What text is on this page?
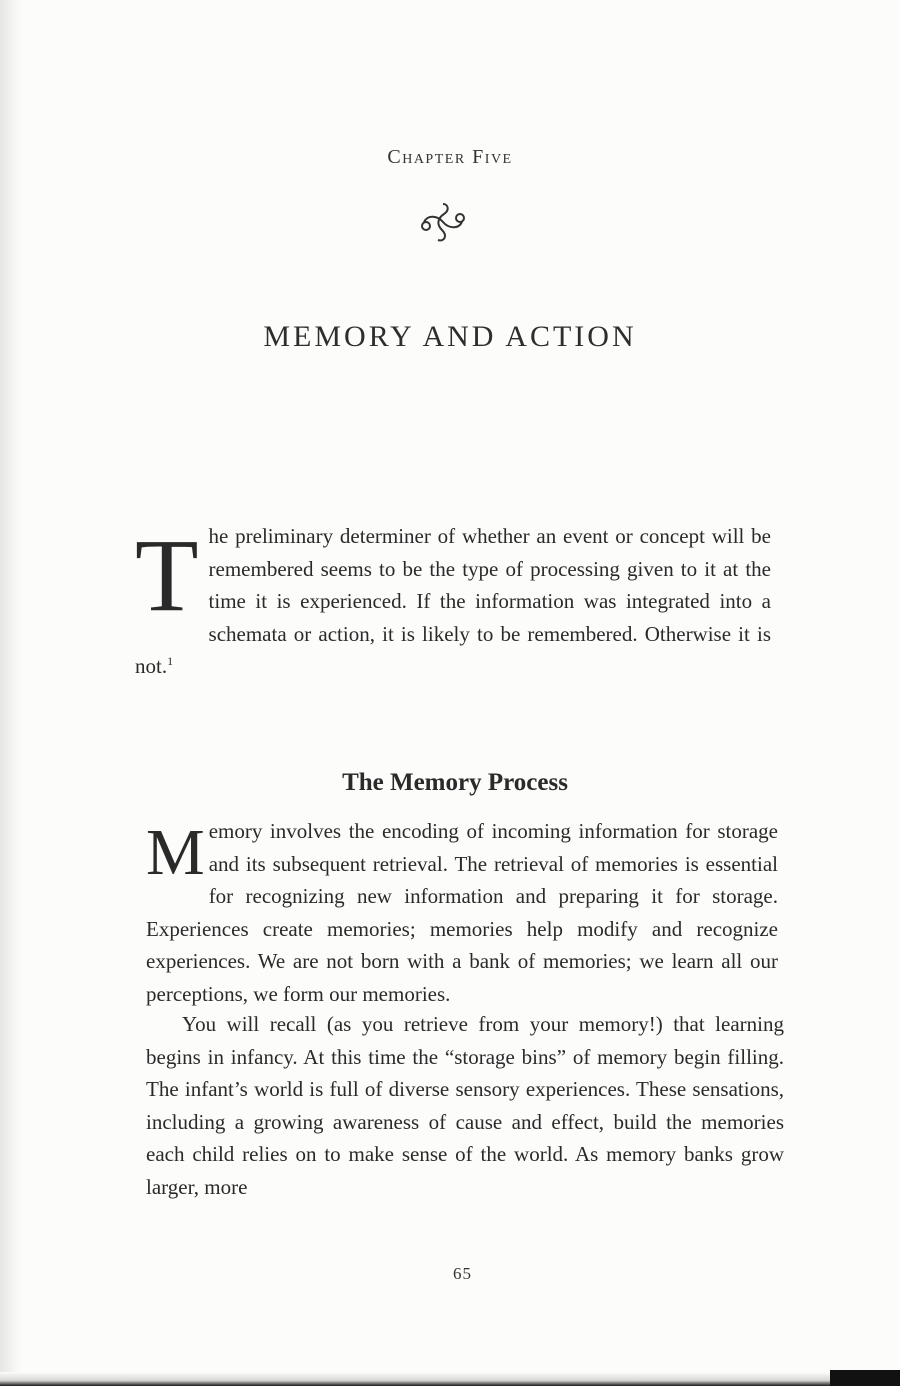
Chapter Five
MEMORY AND ACTION
The preliminary determiner of whether an event or concept will be remembered seems to be the type of processing given to it at the time it is experienced. If the information was integrated into a schemata or action, it is likely to be remembered. Otherwise it is not.$^1$
The Memory Process
Memory involves the encoding of incoming information for storage and its subsequent retrieval. The retrieval of memories is essential for recognizing new information and preparing it for storage. Experiences create memories; memories help modify and recognize experiences. We are not born with a bank of memories; we learn all our perceptions, we form our memories.
You will recall (as you retrieve from your memory!) that learning begins in infancy. At this time the “storage bins” of memory begin filling. The infant’s world is full of diverse sensory experiences. These sensations, including a growing awareness of cause and effect, build the memories each child relies on to make sense of the world. As memory banks grow larger, more
65
